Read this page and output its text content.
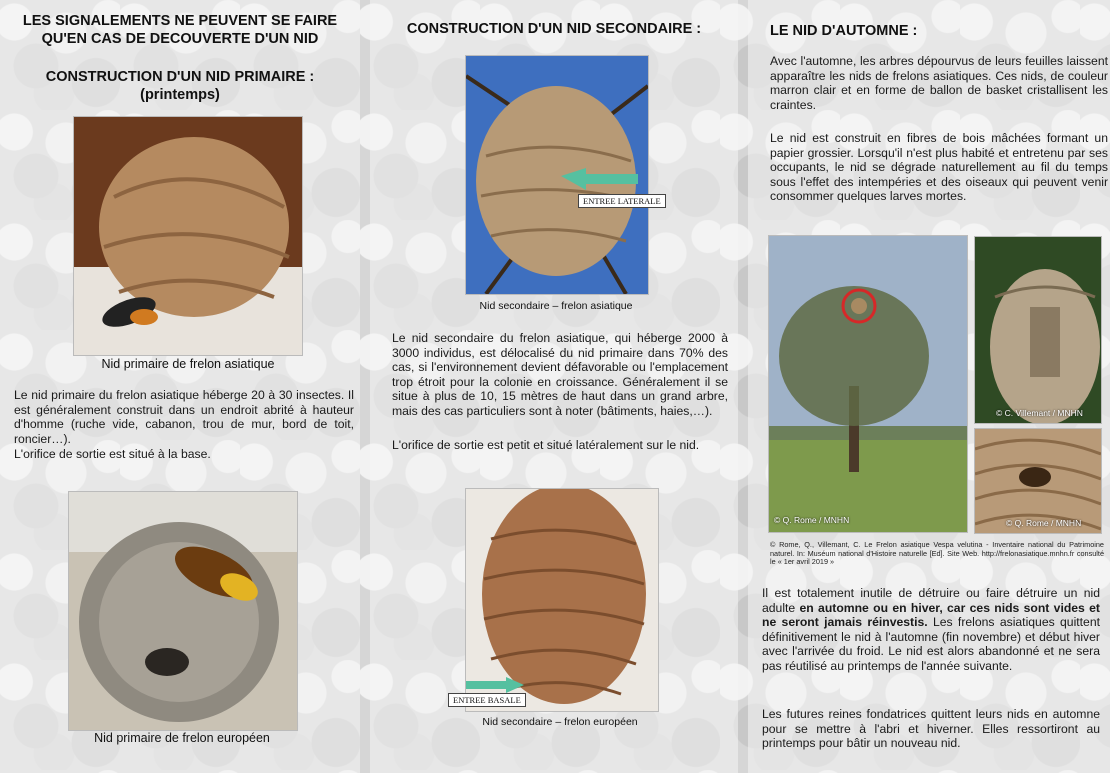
LES SIGNALEMENTS NE PEUVENT SE FAIRE QU'EN CAS DE DECOUVERTE D'UN NID
CONSTRUCTION D'UN NID PRIMAIRE :
(printemps)
Nid primaire de frelon asiatique
Le nid primaire du frelon asiatique héberge 20 à 30 insectes. Il est généralement construit dans un endroit abrité à hauteur d'homme (ruche vide, cabanon, trou de mur, bord de toit, roncier…).
L'orifice de sortie est situé à la base.
Nid primaire de frelon européen
CONSTRUCTION D'UN NID SECONDAIRE :
ENTREE LATERALE
Nid secondaire – frelon asiatique
Le nid secondaire du frelon asiatique, qui héberge 2000 à 3000 individus, est délocalisé du nid primaire dans 70% des cas, si l'environnement devient défavorable ou l'emplacement trop étroit pour la colonie en croissance. Généralement il se situe à plus de 10, 15 mètres de haut dans un grand arbre, mais des cas particuliers sont à noter (bâtiments, haies,…).
L'orifice de sortie est petit et situé latéralement sur le nid.
ENTREE BASALE
Nid secondaire – frelon européen
LE NID D'AUTOMNE :
Avec l'automne, les arbres dépourvus de leurs feuilles laissent apparaître les nids de frelons asiatiques. Ces nids, de couleur marron clair et en forme de ballon de basket cristallisent les craintes.
Le nid est construit en fibres de bois mâchées formant un papier grossier. Lorsqu'il n'est plus habité et entretenu par ses occupants, le nid se dégrade naturellement au fil du temps sous l'effet des intempéries et des oiseaux qui peuvent venir consommer quelques larves mortes.
© Q. Rome / MNHN
© C. Villemant / MNHN
© Q. Rome / MNHN
© Rome, Q., Villemant, C. Le Frelon asiatique Vespa velutina - Inventaire national du Patrimoine naturel. In: Muséum national d'Histoire naturelle [Ed]. Site Web. http://frelonasiatique.mnhn.fr consulté le « 1er avril 2019 »
Il est totalement inutile de détruire ou faire détruire un nid adulte en automne ou en hiver, car ces nids sont vides et ne seront jamais réinvestis. Les frelons asiatiques quittent définitivement le nid à l'automne (fin novembre) et début hiver avec l'arrivée du froid. Le nid est alors abandonné et ne sera pas réutilisé au printemps de l'année suivante.
Les futures reines fondatrices quittent leurs nids en automne pour se mettre à l'abri et hiverner. Elles ressortiront au printemps pour bâtir un nouveau nid.
